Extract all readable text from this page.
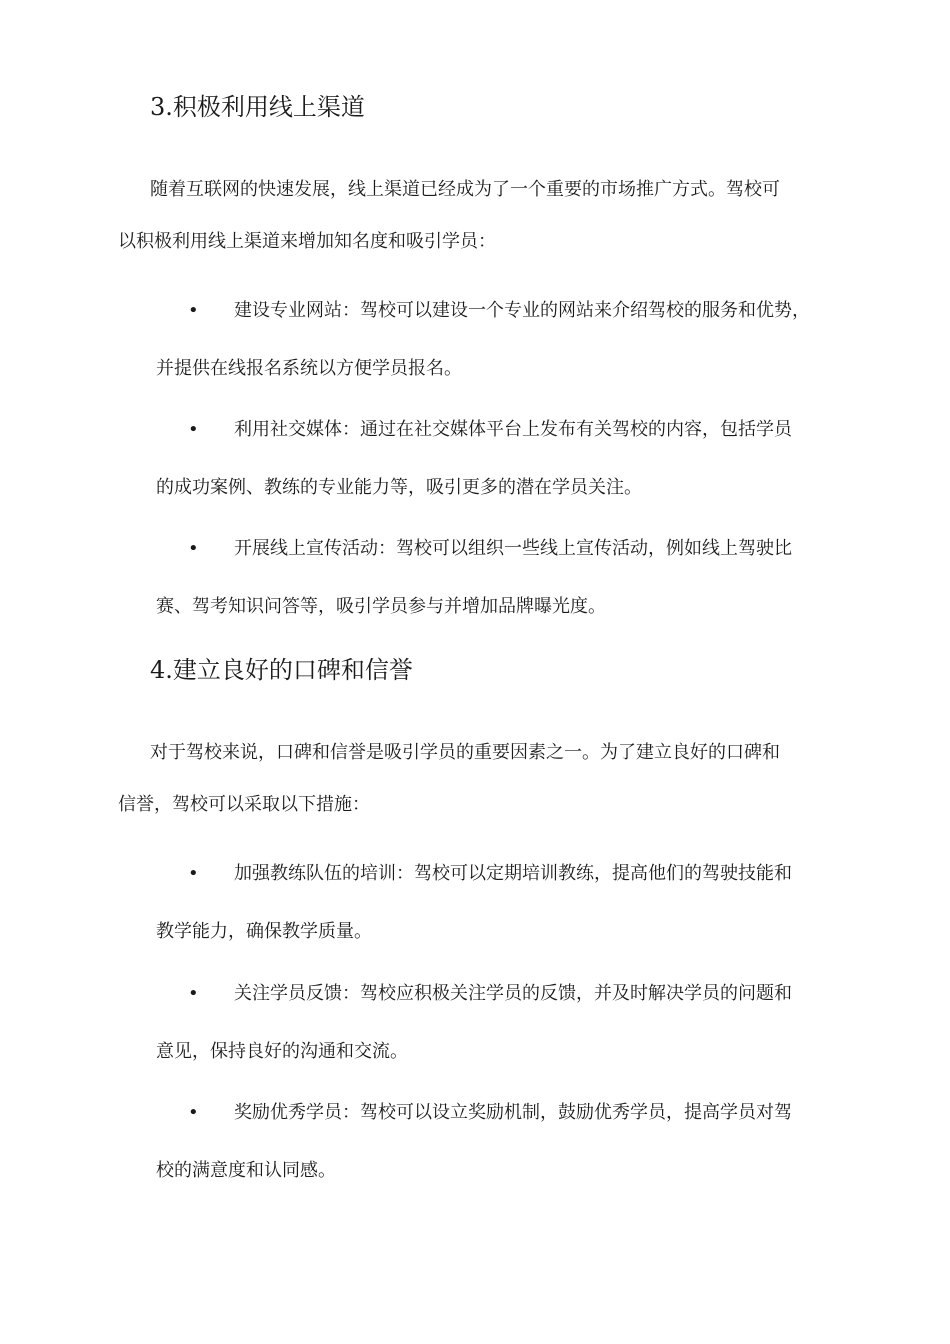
3.积极利用线上渠道
随着互联网的快速发展，线上渠道已经成为了一个重要的市场推广方式。驾校可
以积极利用线上渠道来增加知名度和吸引学员：
• 建设专业网站：驾校可以建设一个专业的网站来介绍驾校的服务和优势，
并提供在线报名系统以方便学员报名。
• 利用社交媒体：通过在社交媒体平台上发布有关驾校的内容，包括学员
的成功案例、教练的专业能力等，吸引更多的潜在学员关注。
• 开展线上宣传活动：驾校可以组织一些线上宣传活动，例如线上驾驶比
赛、驾考知识问答等，吸引学员参与并增加品牌曝光度。
4.建立良好的口碑和信誉
对于驾校来说，口碑和信誉是吸引学员的重要因素之一。为了建立良好的口碑和
信誉，驾校可以采取以下措施：
• 加强教练队伍的培训：驾校可以定期培训教练，提高他们的驾驶技能和
教学能力，确保教学质量。
• 关注学员反馈：驾校应积极关注学员的反馈，并及时解决学员的问题和
意见，保持良好的沟通和交流。
• 奖励优秀学员：驾校可以设立奖励机制，鼓励优秀学员，提高学员对驾
校的满意度和认同感。
